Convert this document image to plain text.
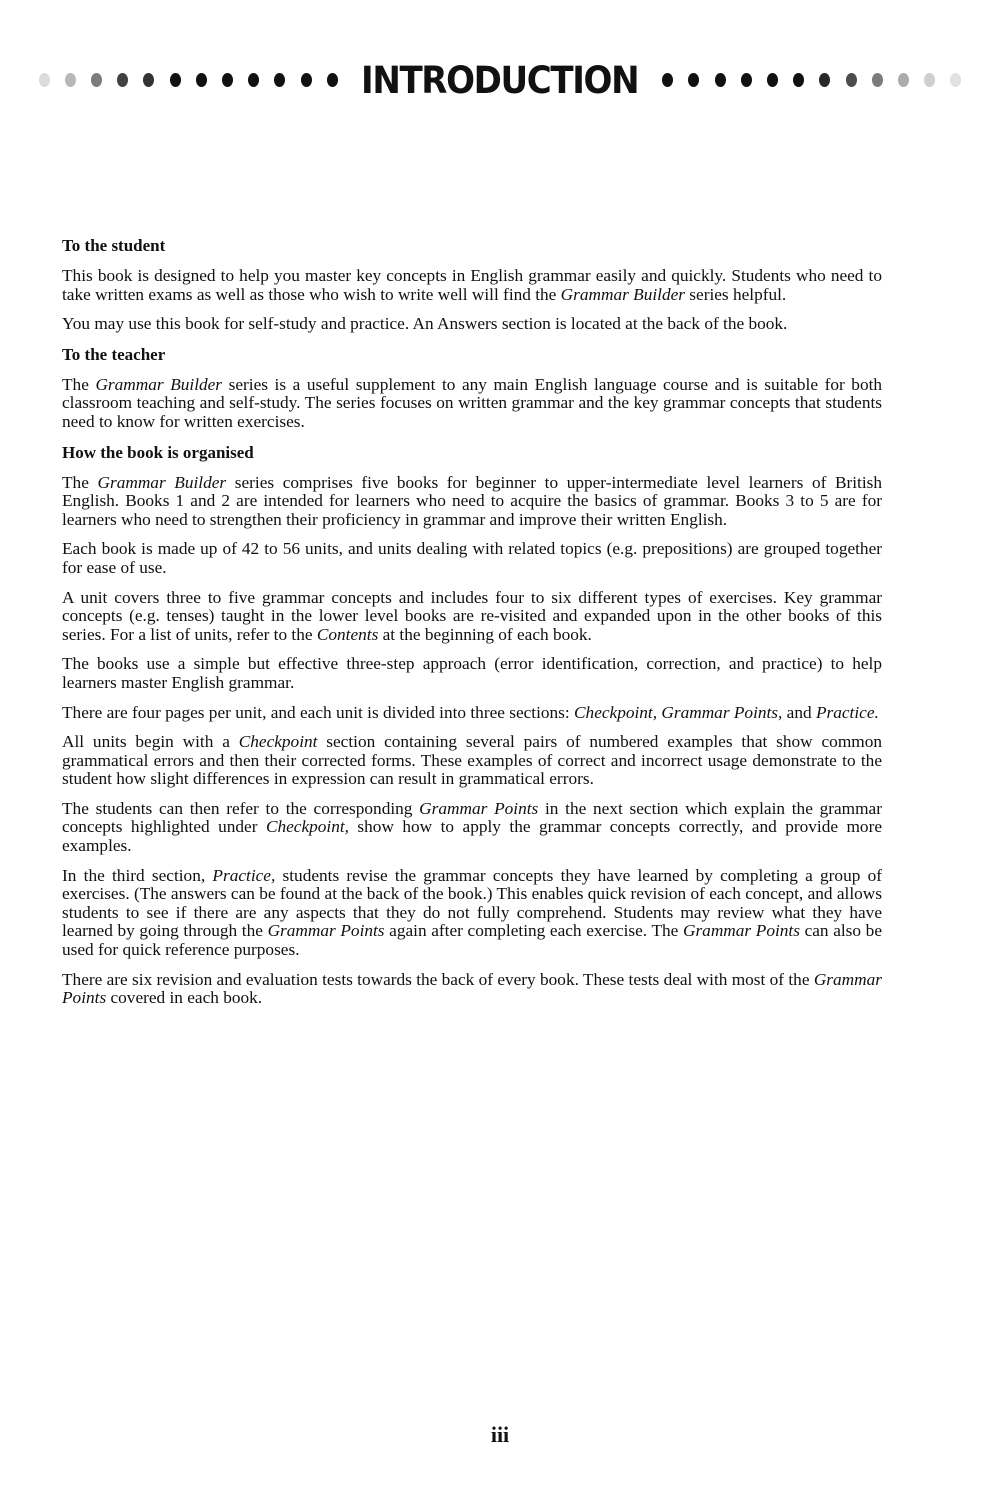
INTRODUCTION
To the student

This book is designed to help you master key concepts in English grammar easily and quickly. Students who need to take written exams as well as those who wish to write well will find the Grammar Builder series helpful.

You may use this book for self-study and practice. An Answers section is located at the back of the book.

To the teacher

The Grammar Builder series is a useful supplement to any main English language course and is suitable for both classroom teaching and self-study. The series focuses on written grammar and the key grammar concepts that students need to know for written exercises.

How the book is organised

The Grammar Builder series comprises five books for beginner to upper-intermediate level learners of British English. Books 1 and 2 are intended for learners who need to acquire the basics of grammar. Books 3 to 5 are for learners who need to strengthen their proficiency in grammar and improve their written English.

Each book is made up of 42 to 56 units, and units dealing with related topics (e.g. prepositions) are grouped together for ease of use.

A unit covers three to five grammar concepts and includes four to six different types of exercises. Key grammar concepts (e.g. tenses) taught in the lower level books are re-visited and expanded upon in the other books of this series. For a list of units, refer to the Contents at the beginning of each book.

The books use a simple but effective three-step approach (error identification, correction, and practice) to help learners master English grammar.

There are four pages per unit, and each unit is divided into three sections: Checkpoint, Grammar Points, and Practice.

All units begin with a Checkpoint section containing several pairs of numbered examples that show common grammatical errors and then their corrected forms. These examples of correct and incorrect usage demonstrate to the student how slight differences in expression can result in grammatical errors.

The students can then refer to the corresponding Grammar Points in the next section which explain the grammar concepts highlighted under Checkpoint, show how to apply the grammar concepts correctly, and provide more examples.

In the third section, Practice, students revise the grammar concepts they have learned by completing a group of exercises. (The answers can be found at the back of the book.) This enables quick revision of each concept, and allows students to see if there are any aspects that they do not fully comprehend. Students may review what they have learned by going through the Grammar Points again after completing each exercise. The Grammar Points can also be used for quick reference purposes.

There are six revision and evaluation tests towards the back of every book. These tests deal with most of the Grammar Points covered in each book.

iii
